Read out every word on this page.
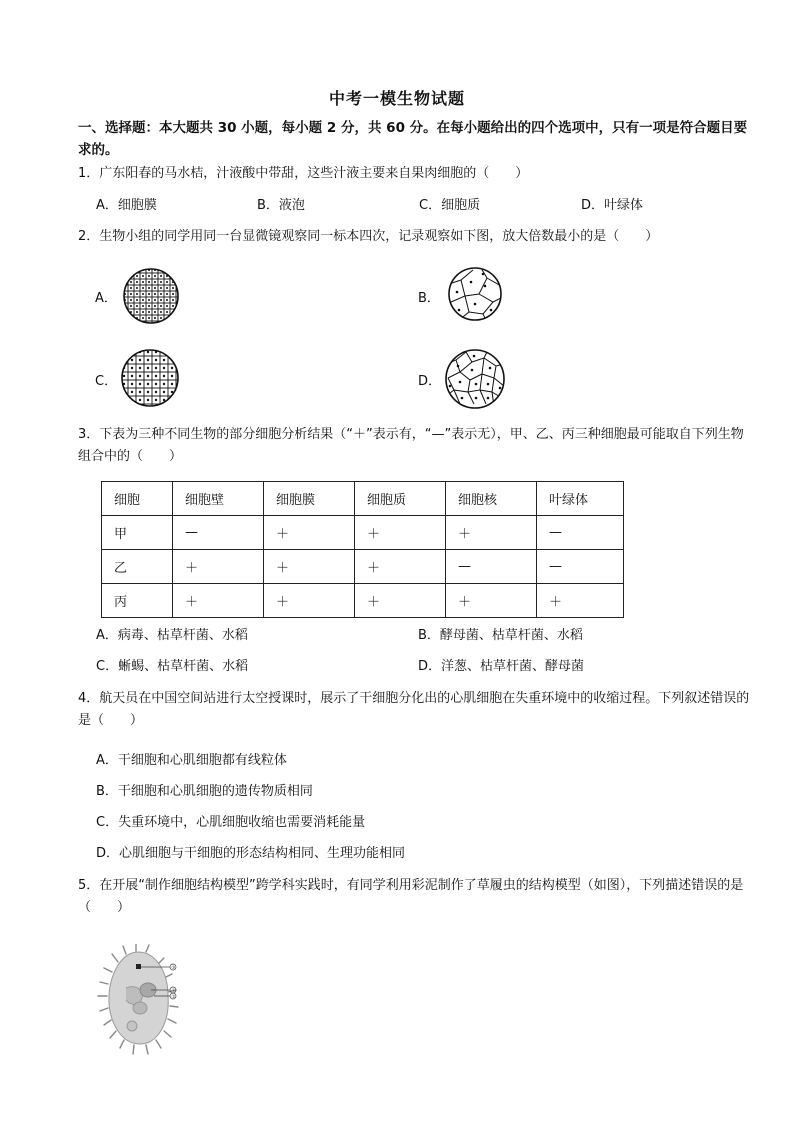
中考一模生物试题
一、选择题：本大题共 30 小题，每小题 2 分，共 60 分。在每小题给出的四个选项中，只有一项是符合题目要求的。
1．广东阳春的马水桔，汁液酸中带甜，这些汁液主要来自果肉细胞的（　　）
A．细胞膜	B．液泡	C．细胞质	D．叶绿体
2．生物小组的同学用同一台显微镜观察同一标本四次，记录观察如下图，放大倍数最小的是（　　）
A．	B．
C．	D．
3．下表为三种不同生物的部分细胞分析结果（“＋”表示有，“—”表示无），甲、乙、丙三种细胞最可能取自下列生物组合中的（　　）
细胞	细胞壁	细胞膜	细胞质	细胞核	叶绿体
甲	—	＋	＋	＋	—
乙	＋	＋	＋	—	—
丙	＋	＋	＋	＋	＋
A．病毒、枯草杆菌、水稻	B．酵母菌、枯草杆菌、水稻
C．蜥蜴、枯草杆菌、水稻	D．洋葱、枯草杆菌、酵母菌
4．航天员在中国空间站进行太空授课时，展示了干细胞分化出的心肌细胞在失重环境中的收缩过程。下列叙述错误的是（　　）
A．干细胞和心肌细胞都有线粒体
B．干细胞和心肌细胞的遗传物质相同
C．失重环境中，心肌细胞收缩也需要消耗能量
D．心肌细胞与干细胞的形态结构相同、生理功能相同
5．在开展“制作细胞结构模型”跨学科实践时，有同学利用彩泥制作了草履虫的结构模型（如图），下列描述错误的是（　　）
③
①
②
